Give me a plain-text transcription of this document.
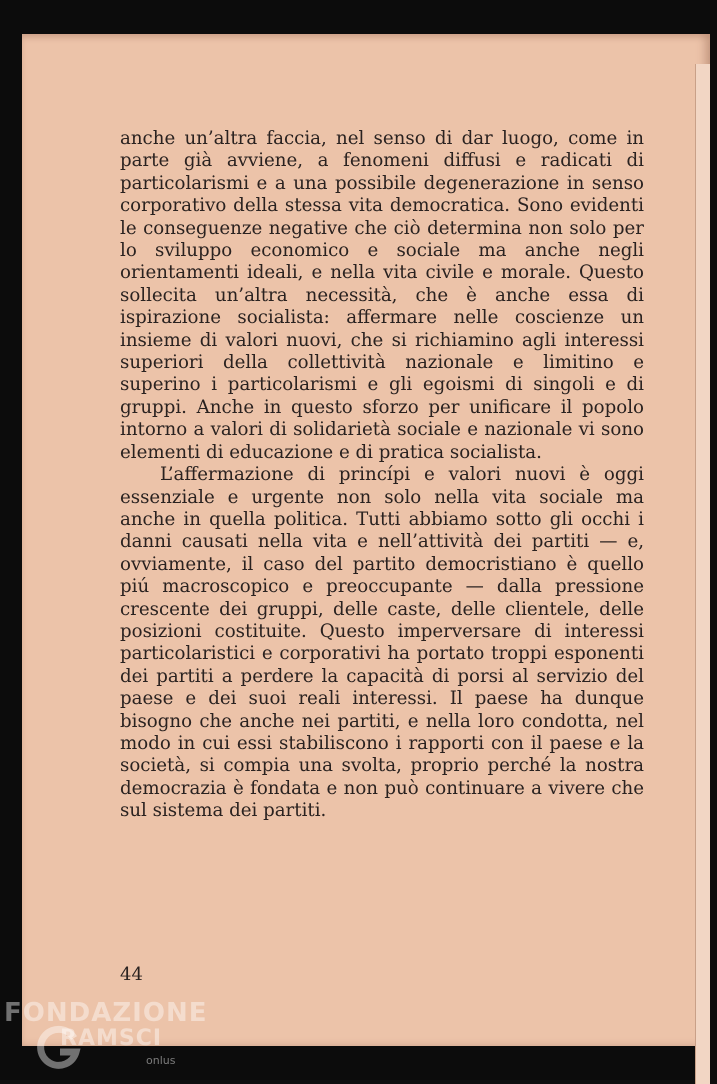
anche un’altra faccia, nel senso di dar luogo, come in parte già avviene, a fenomeni diffusi e radicati di particolarismi e a una possibile degenerazione in senso corporativo della stessa vita democratica. Sono evidenti le conseguenze negative che ciò determina non solo per lo sviluppo economico e sociale ma anche negli orientamenti ideali, e nella vita civile e morale. Questo sollecita un’altra necessità, che è anche essa di ispirazione socialista: affermare nelle coscienze un insieme di valori nuovi, che si richiamino agli interessi superiori della collettività nazionale e limitino e superino i particolarismi e gli egoismi di singoli e di gruppi. Anche in questo sforzo per unificare il popolo intorno a valori di solidarietà sociale e nazionale vi sono elementi di educazione e di pratica socialista.

L’affermazione di princípi e valori nuovi è oggi essenziale e urgente non solo nella vita sociale ma anche in quella politica. Tutti abbiamo sotto gli occhi i danni causati nella vita e nell’attività dei partiti — e, ovviamente, il caso del partito democristiano è quello piú macroscopico e preoccupante — dalla pressione crescente dei gruppi, delle caste, delle clientele, delle posizioni costituite. Questo imperversare di interessi particolaristici e corporativi ha portato troppi esponenti dei partiti a perdere la capacità di porsi al servizio del paese e dei suoi reali interessi. Il paese ha dunque bisogno che anche nei partiti, e nella loro condotta, nel modo in cui essi stabiliscono i rapporti con il paese e la società, si compia una svolta, proprio perché la nostra democrazia è fondata e non può continuare a vivere che sul sistema dei partiti.

44
FONDAZIONE
RAMSCI
onlus
